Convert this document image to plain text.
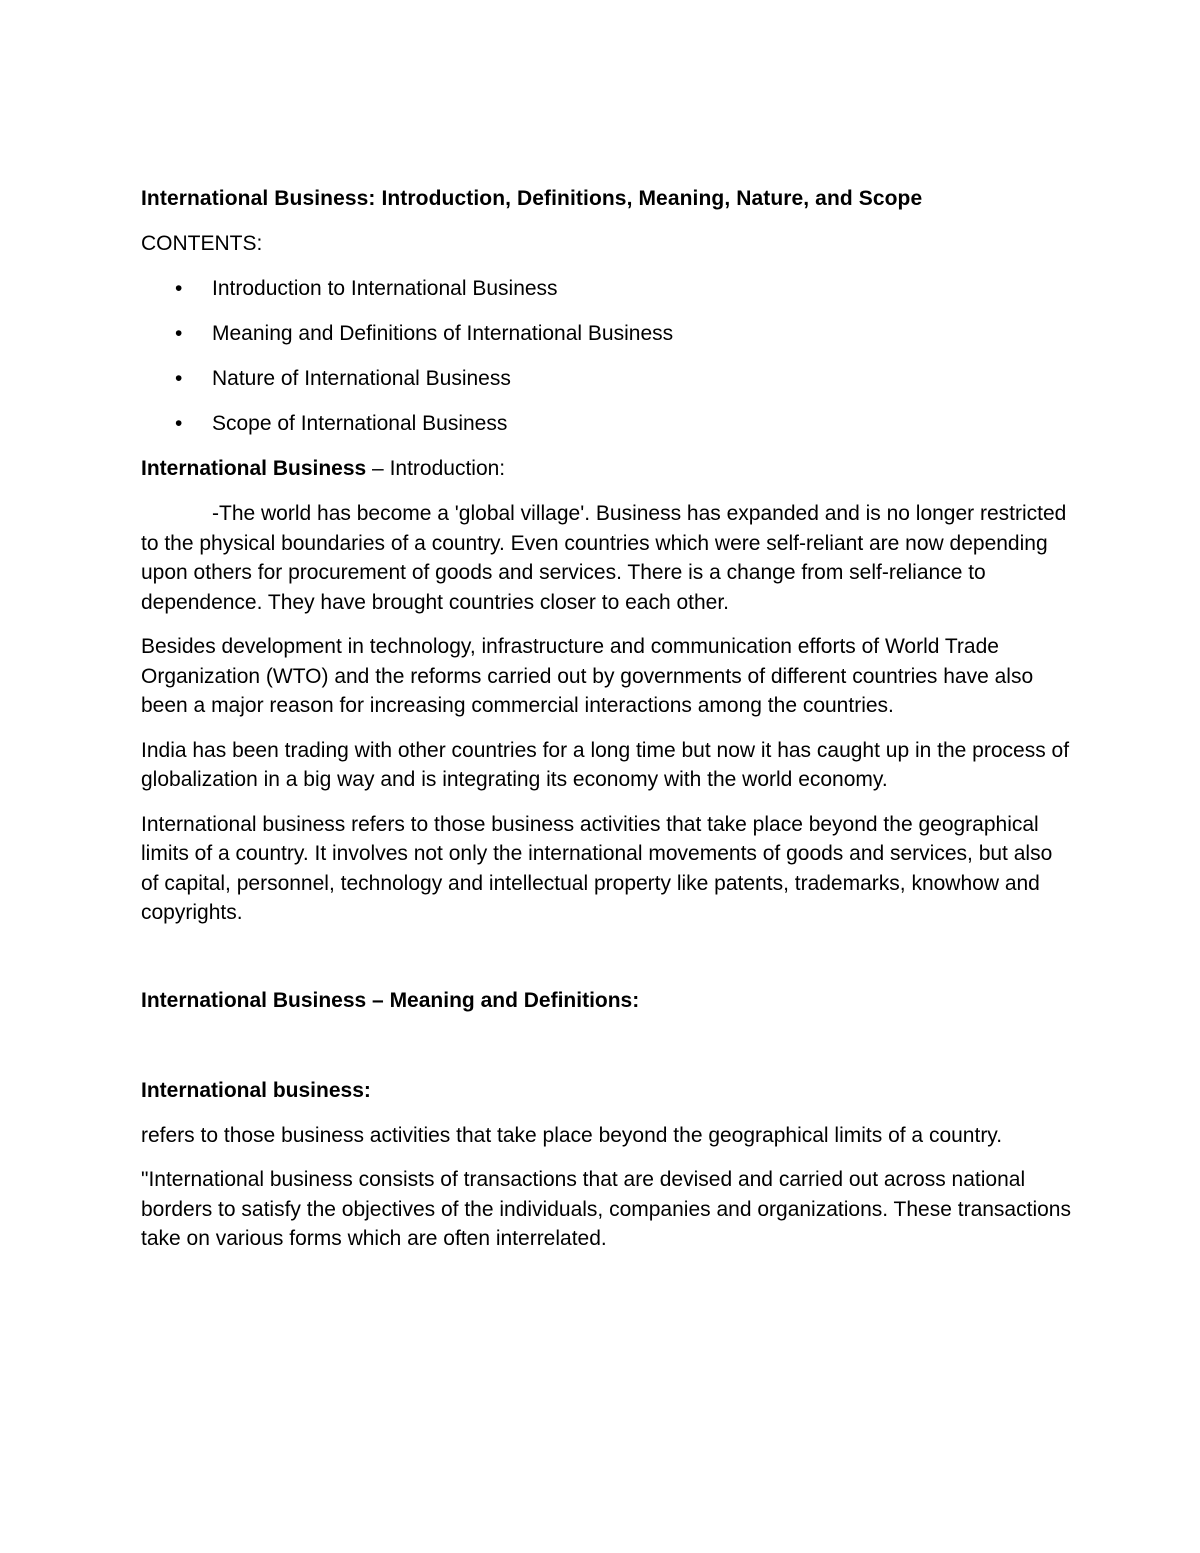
International Business: Introduction, Definitions, Meaning, Nature, and Scope
CONTENTS:
• Introduction to International Business
• Meaning and Definitions of International Business
• Nature of International Business
• Scope of International Business
International Business – Introduction:

-The world has become a 'global village'. Business has expanded and is no longer restricted to the physical boundaries of a country. Even countries which were self-reliant are now depending upon others for procurement of goods and services. There is a change from self-reliance to dependence. They have brought countries closer to each other.

Besides development in technology, infrastructure and communication efforts of World Trade Organization (WTO) and the reforms carried out by governments of different countries have also been a major reason for increasing commercial interactions among the countries.

India has been trading with other countries for a long time but now it has caught up in the process of globalization in a big way and is integrating its economy with the world economy.

International business refers to those business activities that take place beyond the geographical limits of a country. It involves not only the international movements of goods and services, but also of capital, personnel, technology and intellectual property like patents, trademarks, knowhow and copyrights.

International Business – Meaning and Definitions:
International business:

refers to those business activities that take place beyond the geographical limits of a country.

"International business consists of transactions that are devised and carried out across national borders to satisfy the objectives of the individuals, companies and organizations. These transactions take on various forms which are often interrelated.
